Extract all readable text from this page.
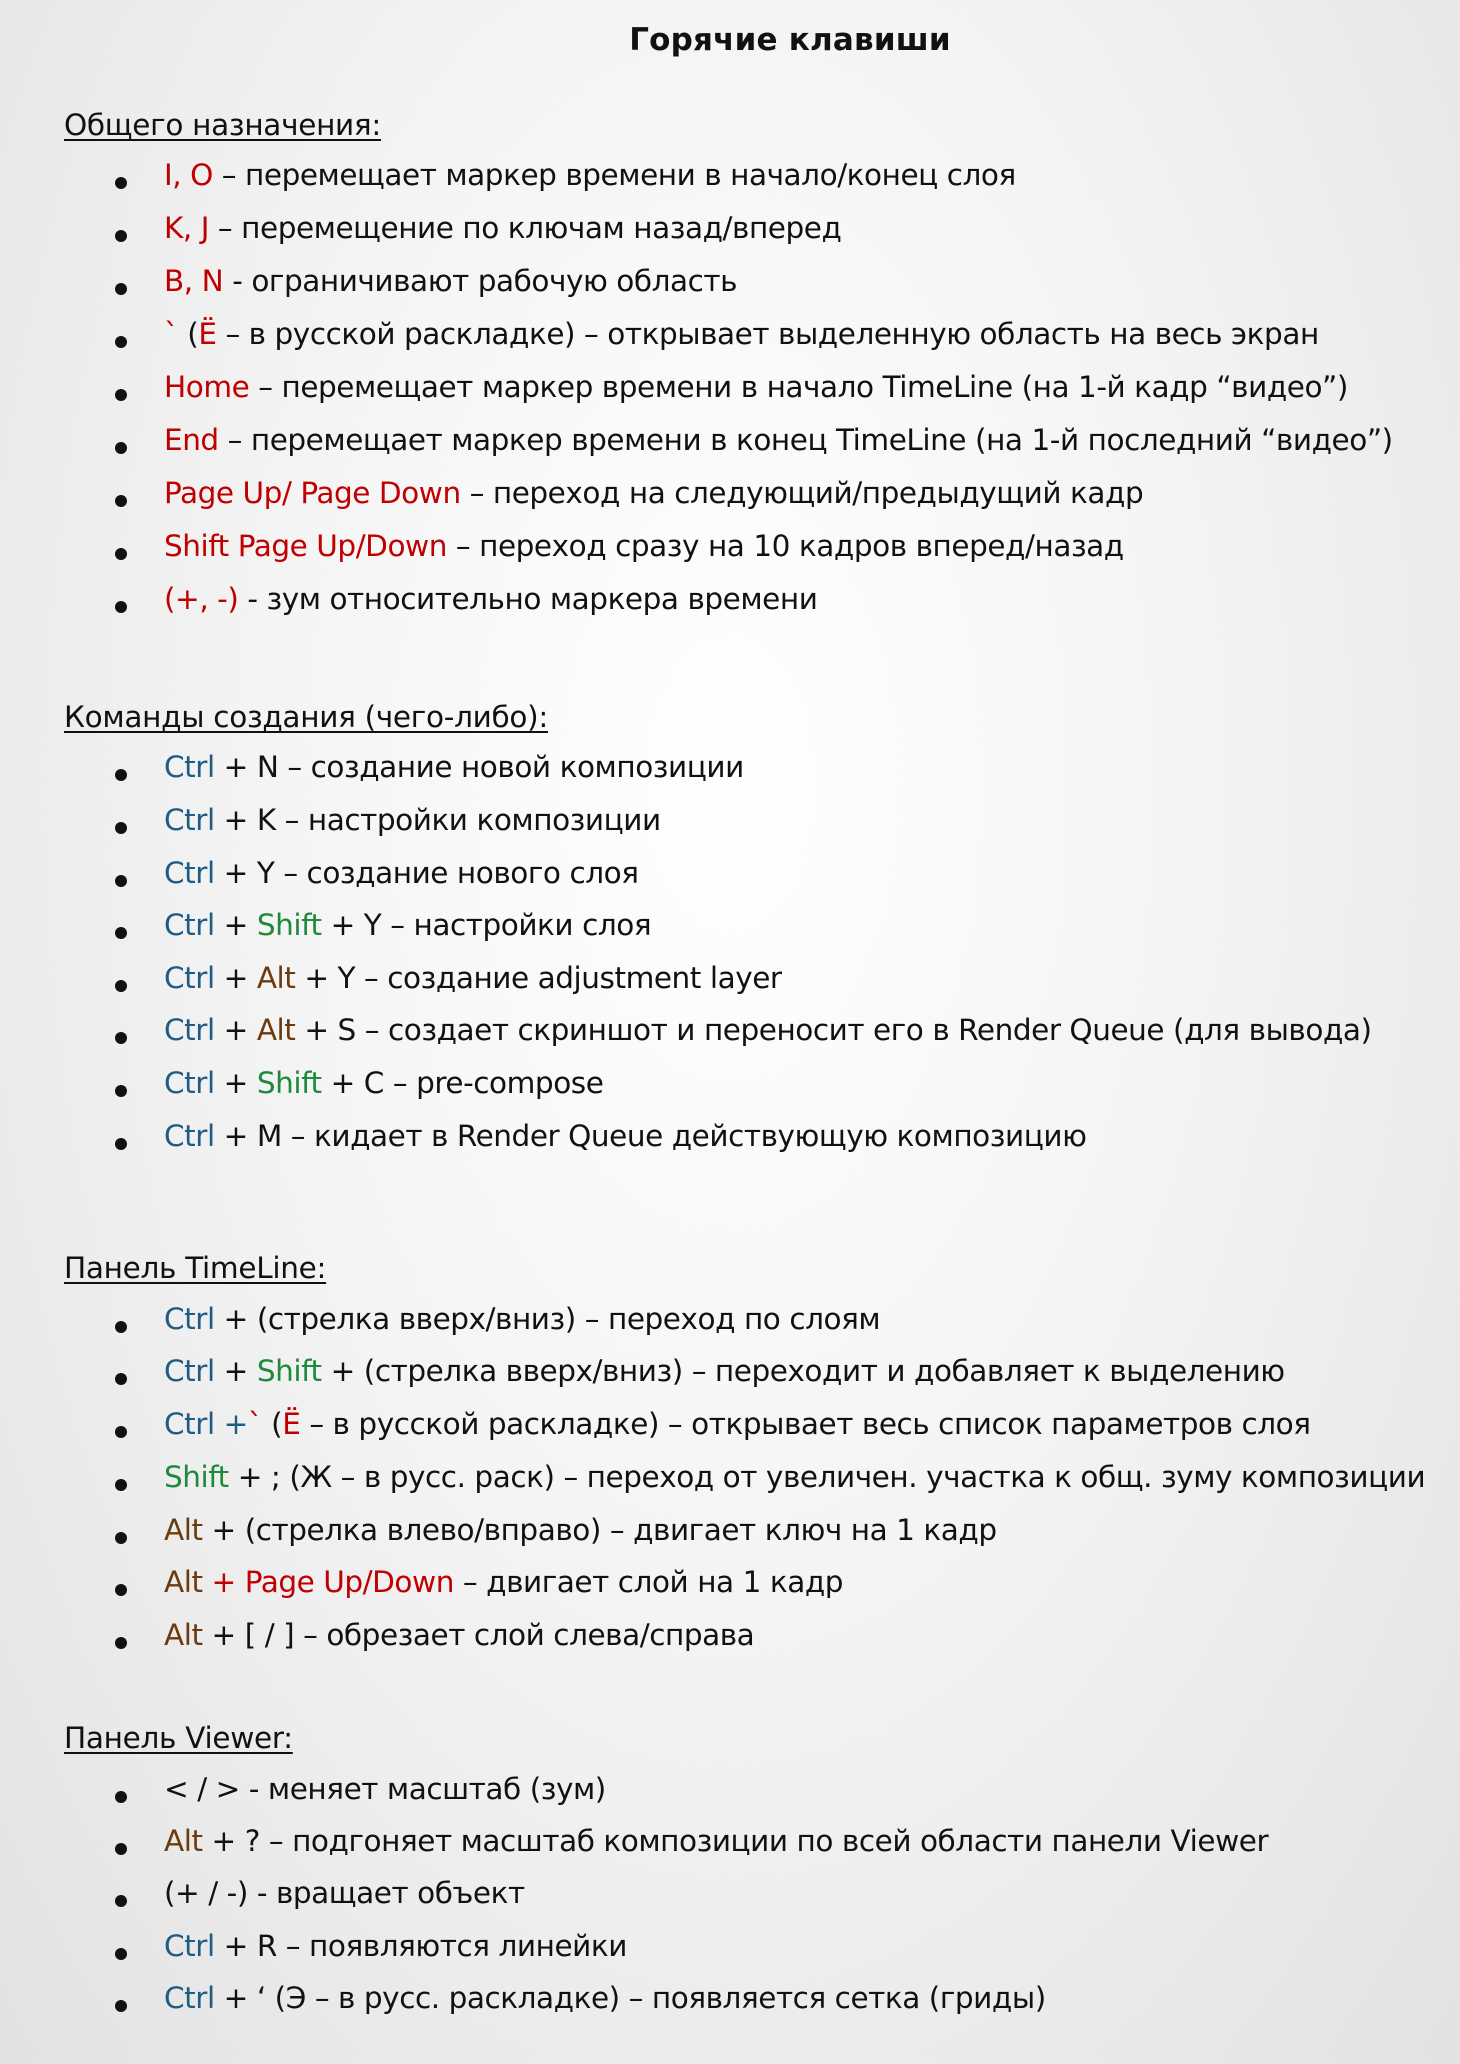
Горячие клавиши
Общего назначения:
I, O – перемещает маркер времени в начало/конец слоя
K, J – перемещение по ключам назад/вперед
B, N - ограничивают рабочую область
` (Ё – в русской раскладке) – открывает выделенную область на весь экран
Home – перемещает маркер времени в начало TimeLine (на 1-й кадр “видео”)
End – перемещает маркер времени в конец TimeLine (на 1-й последний “видео”)
Page Up/ Page Down – переход на следующий/предыдущий кадр
Shift Page Up/Down – переход сразу на 10 кадров вперед/назад
(+, -) - зум относительно маркера времени
Команды создания (чего-либо):
Ctrl + N – создание новой композиции
Ctrl + K – настройки композиции
Ctrl + Y – создание нового слоя
Ctrl + Shift + Y – настройки слоя
Ctrl + Alt + Y – создание adjustment layer
Ctrl + Alt + S – создает скриншот и переносит его в Render Queue (для вывода)
Ctrl + Shift + C – pre-compose
Ctrl + M – кидает в Render Queue действующую композицию
Панель TimeLine:
Ctrl + (стрелка вверх/вниз) – переход по слоям
Ctrl + Shift + (стрелка вверх/вниз) – переходит и добавляет к выделению
Ctrl +` (Ё – в русской раскладке) – открывает весь список параметров слоя
Shift + ; (Ж – в русс. раск) – переход от увеличен. участка к общ. зуму композиции
Alt + (стрелка влево/вправо) – двигает ключ на 1 кадр
Alt + Page Up/Down – двигает слой на 1 кадр
Alt + [ / ] – обрезает слой слева/справа
Панель Viewer:
< / > - меняет масштаб (зум)
Alt + ? – подгоняет масштаб композиции по всей области панели Viewer
(+ / -) - вращает объект
Ctrl + R – появляются линейки
Ctrl + ‘ (Э – в русс. раскладке) – появляется сетка (гриды)
